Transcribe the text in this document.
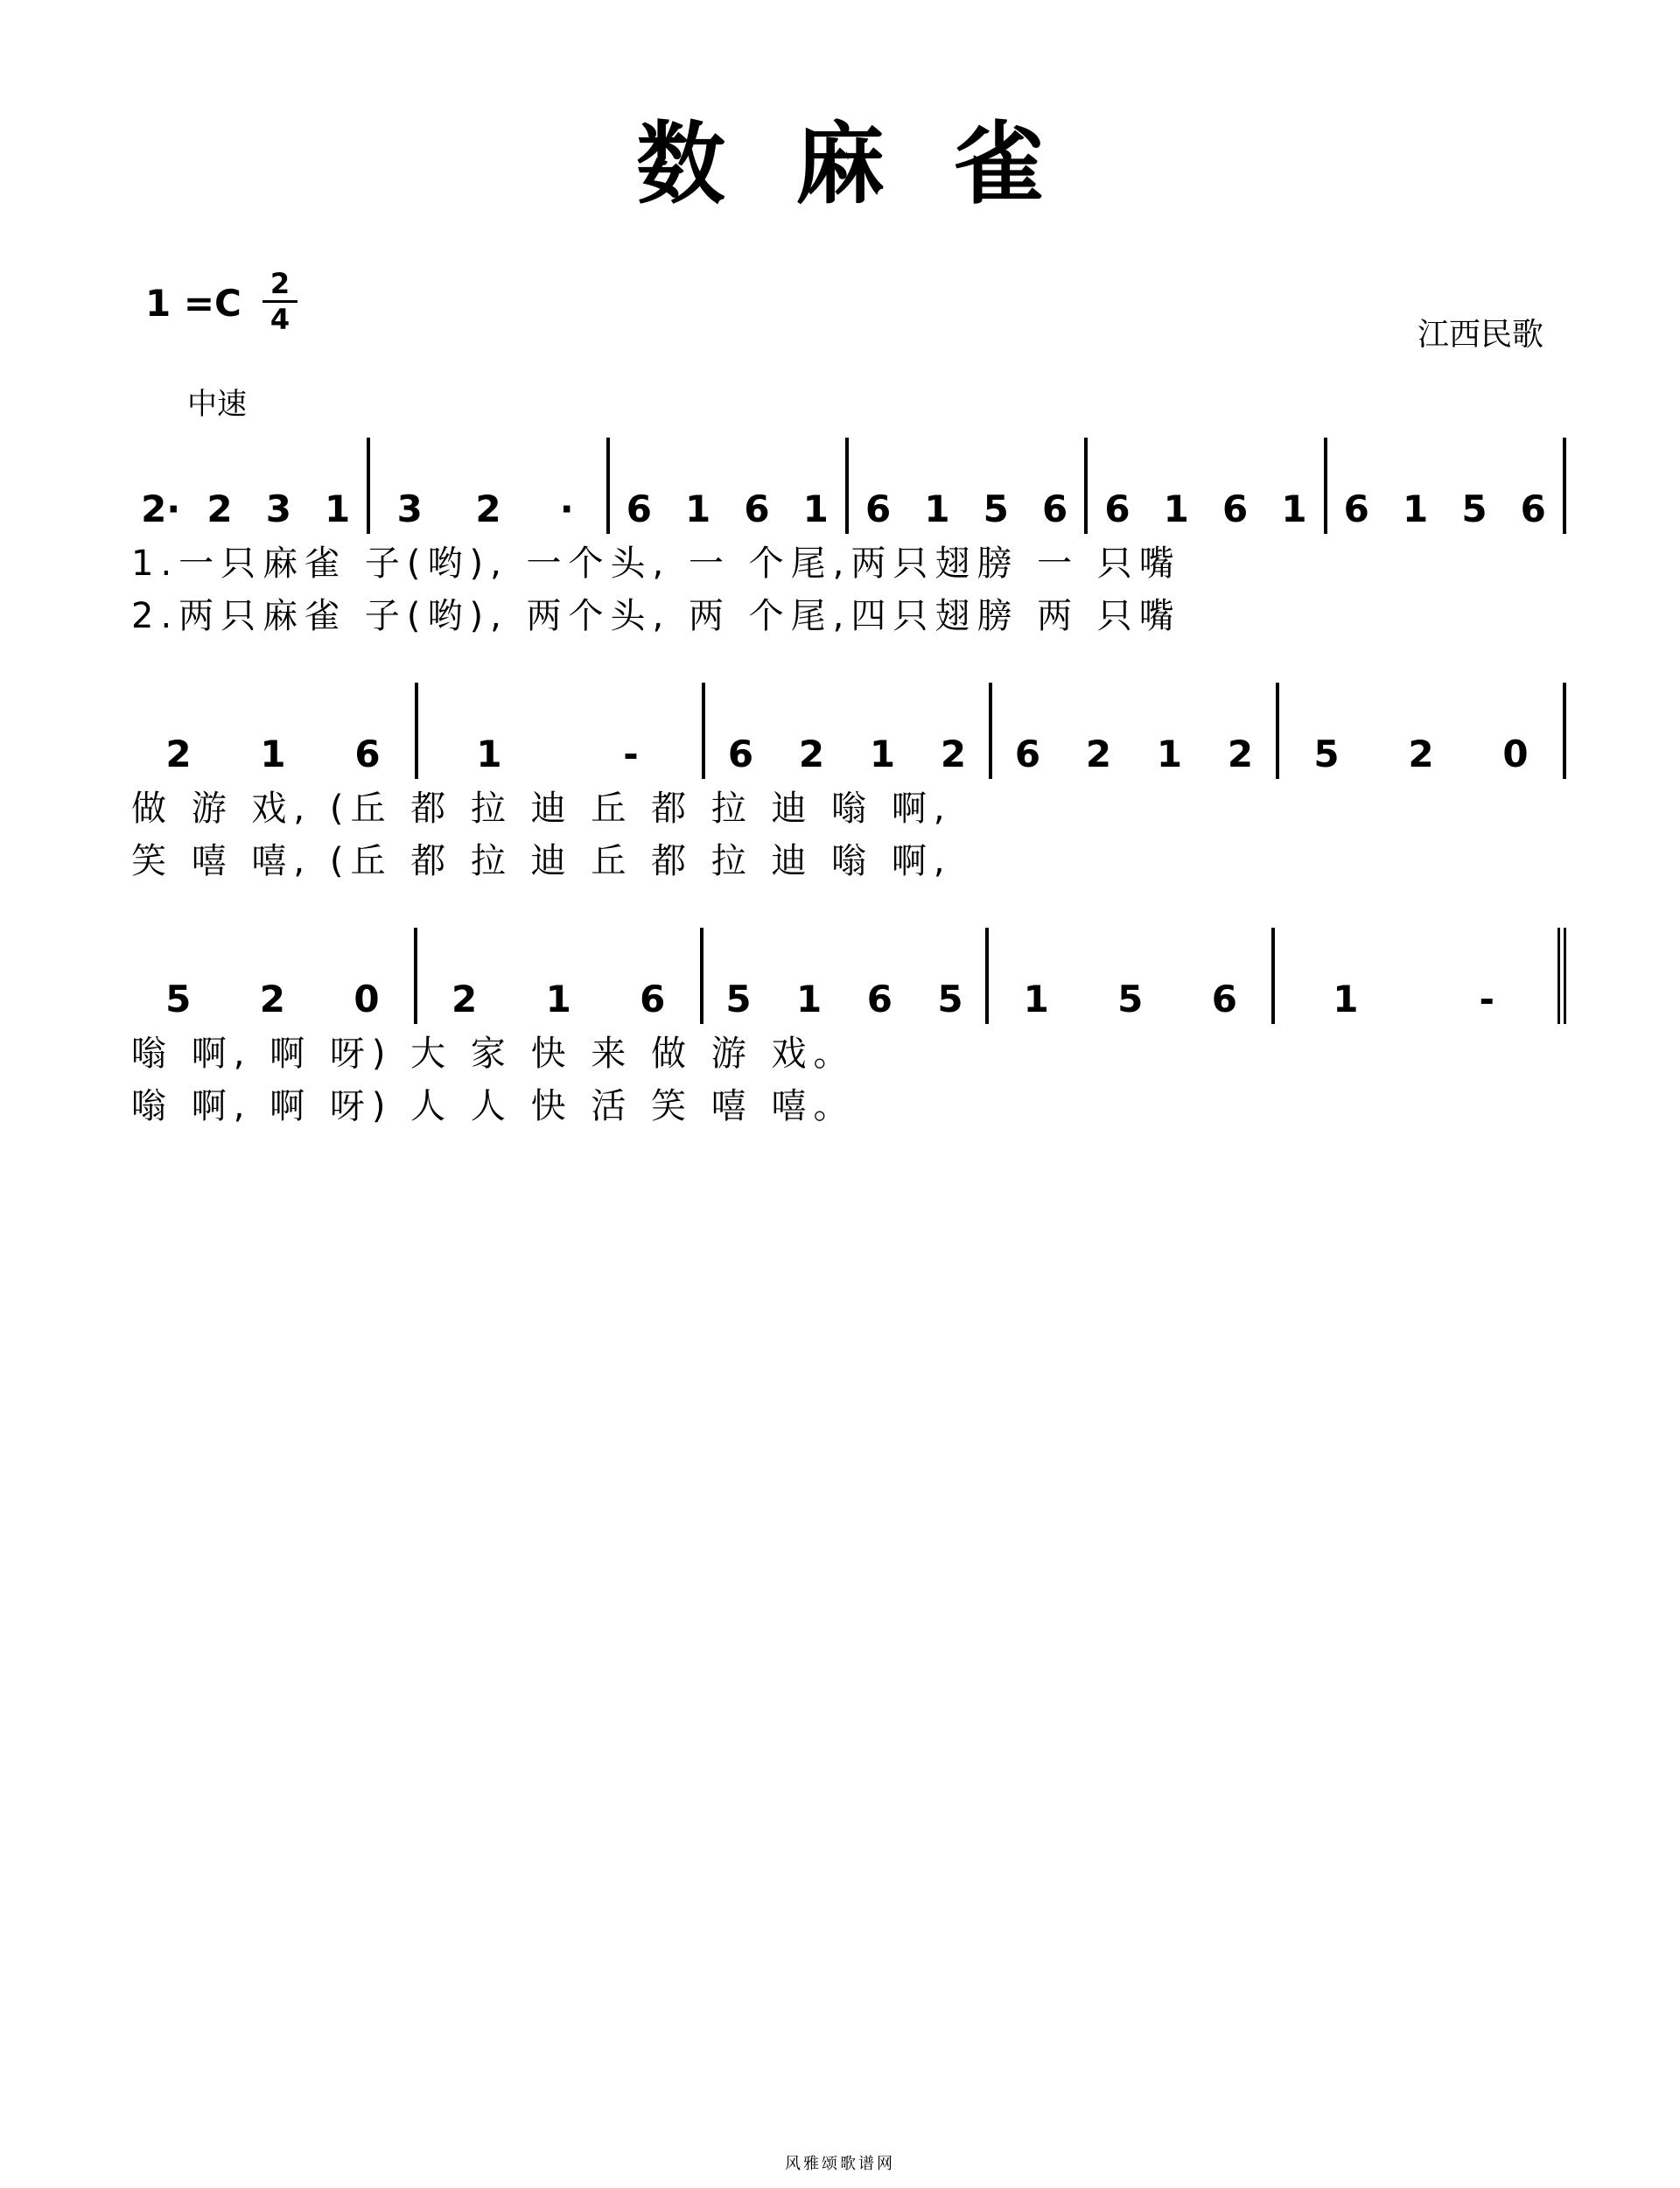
数麻雀
1 =C 2
4	江西民歌
中速
2· 2 3 1 3 2	·	6 1 6 1 6 1 5 6 6 1 6 1 6 1 5 6
1.一只麻雀 子(哟), 一个头, 一 个尾,两只翅膀 一 只嘴
2.两只麻雀 子(哟), 两个头, 两 个尾,四只翅膀 两 只嘴
2 1 6	1	-	6 2 1 2 6 2 1 2 5 2 0
做 游 戏, (丘 都 拉 迪 丘 都 拉 迪 嗡 啊,
笑 嘻 嘻, (丘 都 拉 迪 丘 都 拉 迪 嗡 啊,
5 2 0 2 1 6 5 1 6 5 1 5 6	1	-
嗡 啊, 啊 呀) 大 家 快 来 做 游 戏。
嗡 啊, 啊 呀) 人 人 快 活 笑 嘻 嘻。
风雅颂歌谱网
